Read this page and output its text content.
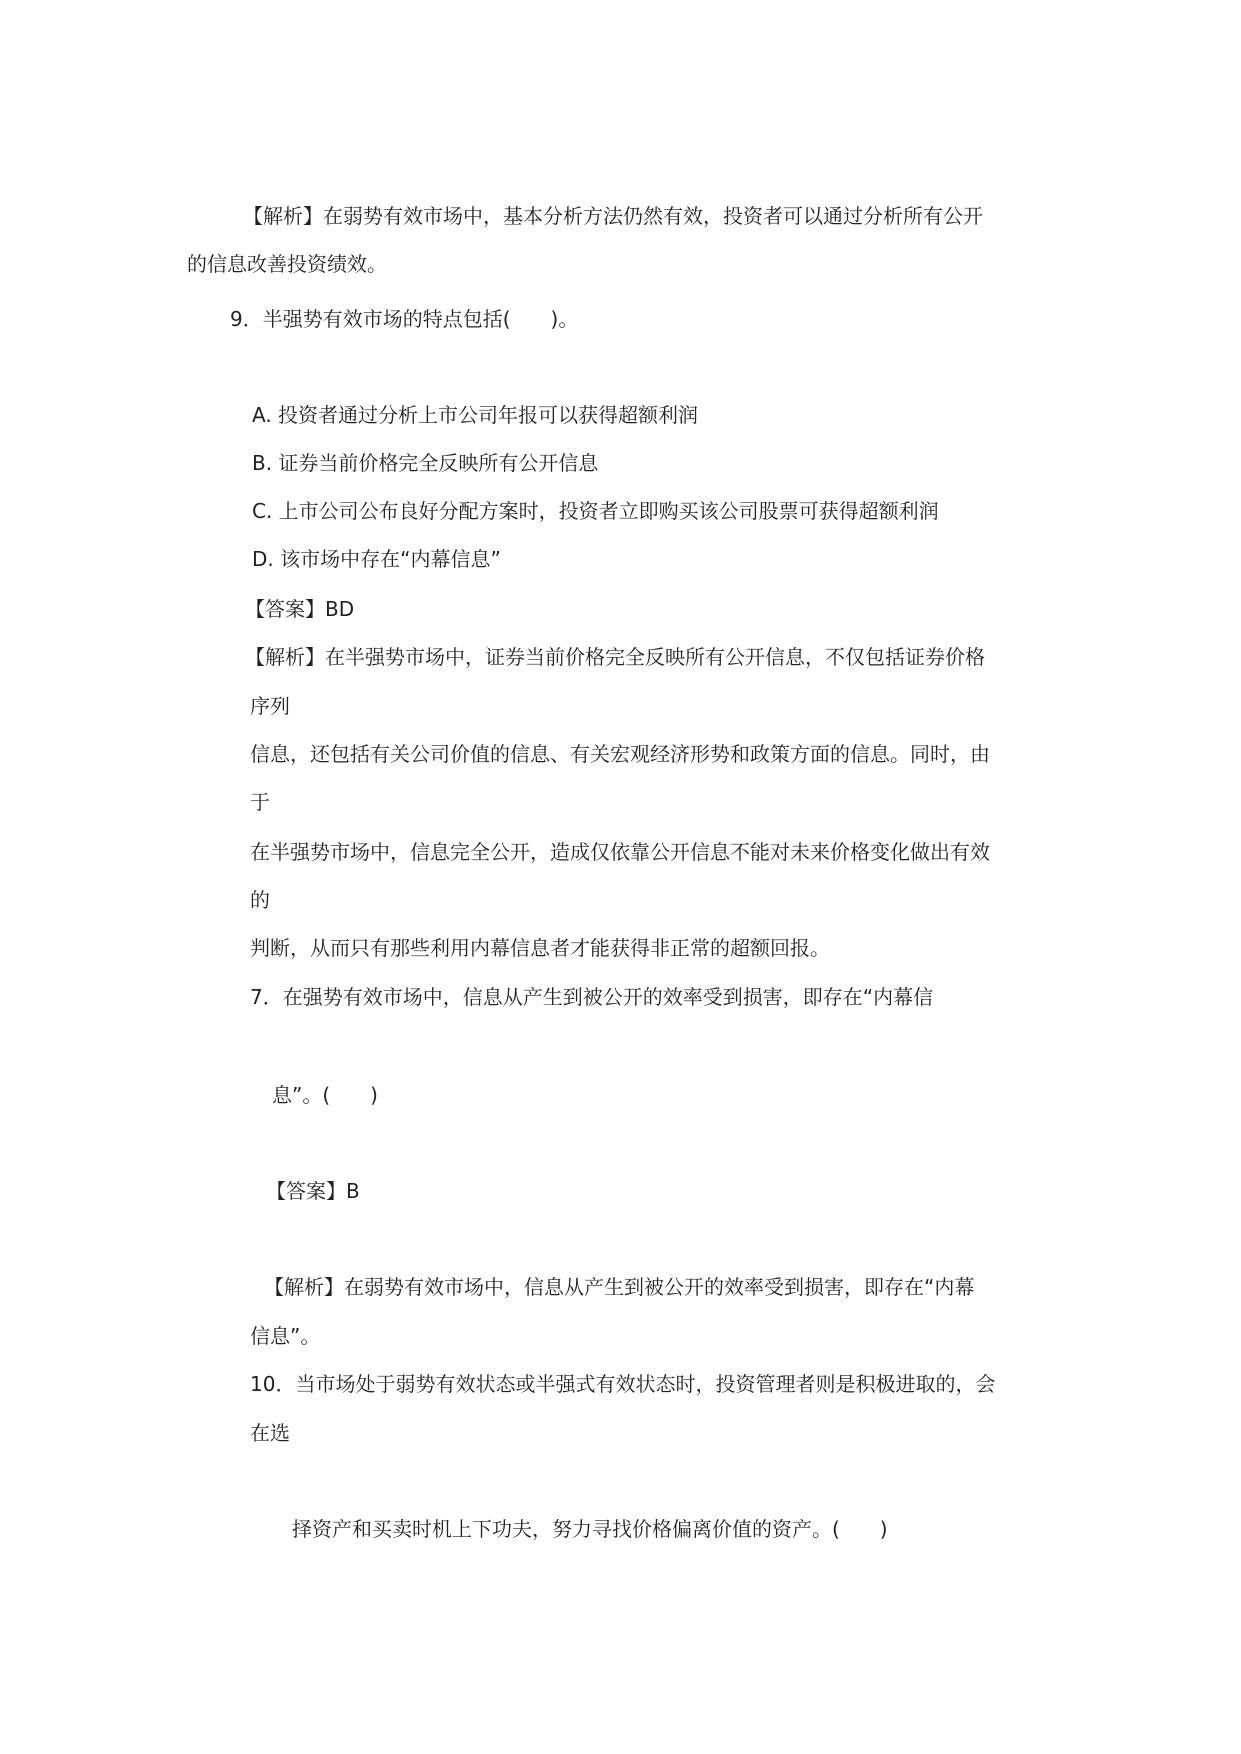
【解析】在弱势有效市场中，基本分析方法仍然有效，投资者可以通过分析所有公开
的信息改善投资绩效。
9．半强势有效市场的特点包括(　　)。
A. 投资者通过分析上市公司年报可以获得超额利润
B. 证券当前价格完全反映所有公开信息
C. 上市公司公布良好分配方案时，投资者立即购买该公司股票可获得超额利润
D. 该市场中存在“内幕信息”
【答案】BD
【解析】在半强势市场中，证券当前价格完全反映所有公开信息，不仅包括证券价格
序列
信息，还包括有关公司价值的信息、有关宏观经济形势和政策方面的信息。同时，由
于
在半强势市场中，信息完全公开，造成仅依靠公开信息不能对未来价格变化做出有效
的
判断，从而只有那些利用内幕信息者才能获得非正常的超额回报。
7．在强势有效市场中，信息从产生到被公开的效率受到损害，即存在“内幕信
息”。(　　)
【答案】B
【解析】在弱势有效市场中，信息从产生到被公开的效率受到损害，即存在“内幕
信息”。
10．当市场处于弱势有效状态或半强式有效状态时，投资管理者则是积极进取的，会
在选
择资产和买卖时机上下功夫，努力寻找价格偏离价值的资产。(　　)
